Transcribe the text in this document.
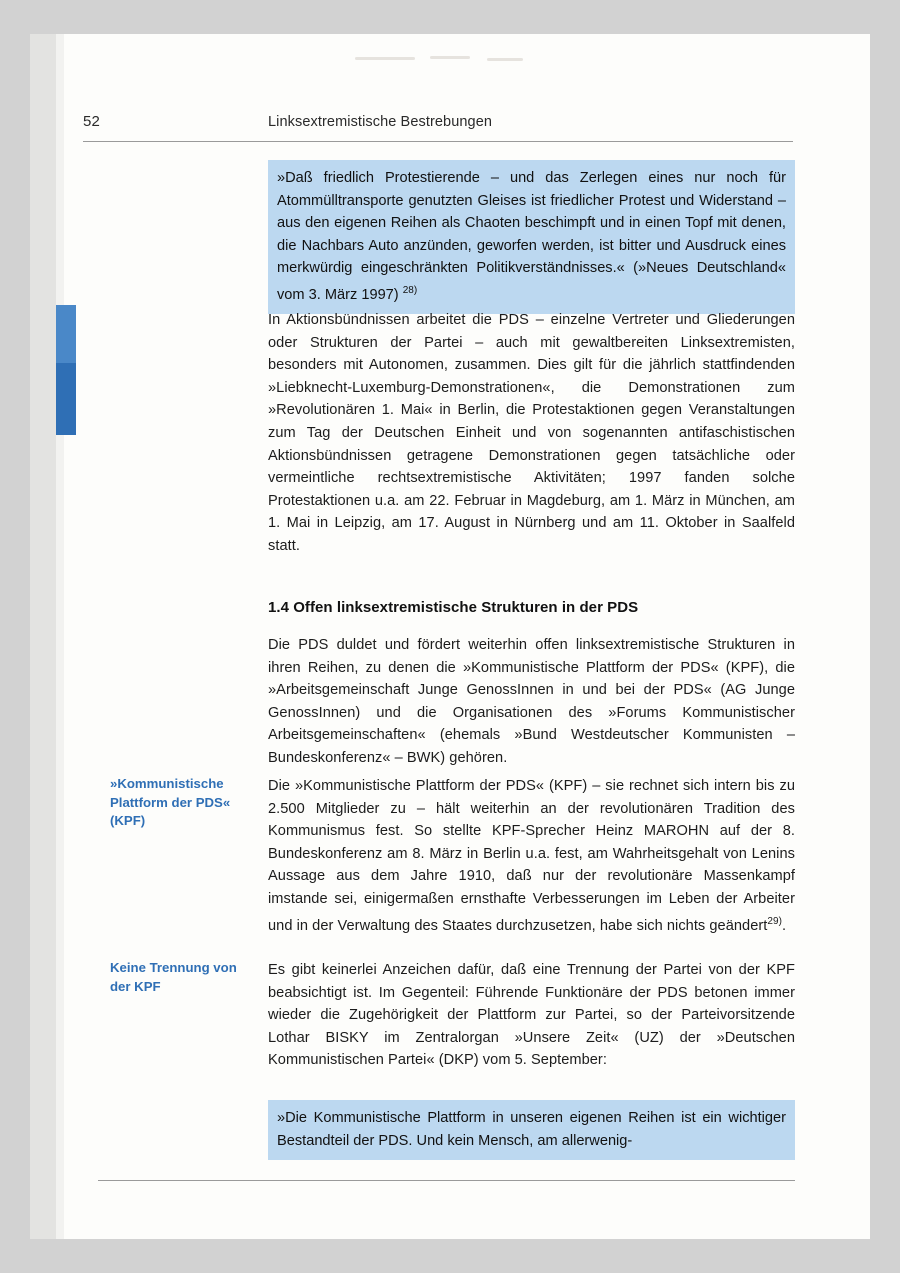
52	Linksextremistische Bestrebungen
»Daß friedlich Protestierende – und das Zerlegen eines nur noch für Atommülltransporte genutzten Gleises ist friedlicher Protest und Widerstand – aus den eigenen Reihen als Chaoten beschimpft und in einen Topf mit denen, die Nachbars Auto anzünden, geworfen werden, ist bitter und Ausdruck eines merkwürdig eingeschränkten Politikverständnisses.« (»Neues Deutschland« vom 3. März 1997) $^{28)}$
In Aktionsbündnissen arbeitet die PDS – einzelne Vertreter und Gliederungen oder Strukturen der Partei – auch mit gewaltbereiten Linksextremisten, besonders mit Autonomen, zusammen. Dies gilt für die jährlich stattfindenden »Liebknecht-Luxemburg-Demonstrationen«, die Demonstrationen zum »Revolutionären 1. Mai« in Berlin, die Protestaktionen gegen Veranstaltungen zum Tag der Deutschen Einheit und von sogenannten antifaschistischen Aktionsbündnissen getragene Demonstrationen gegen tatsächliche oder vermeintliche rechtsextremistische Aktivitäten; 1997 fanden solche Protestaktionen u.a. am 22. Februar in Magdeburg, am 1. März in München, am 1. Mai in Leipzig, am 17. August in Nürnberg und am 11. Oktober in Saalfeld statt.
1.4 Offen linksextremistische Strukturen in der PDS
Die PDS duldet und fördert weiterhin offen linksextremistische Strukturen in ihren Reihen, zu denen die »Kommunistische Plattform der PDS« (KPF), die »Arbeitsgemeinschaft Junge GenossInnen in und bei der PDS« (AG Junge GenossInnen) und die Organisationen des »Forums Kommunistischer Arbeitsgemeinschaften« (ehemals »Bund Westdeutscher Kommunisten – Bundeskonferenz« – BWK) gehören.
»Kommunistische Plattform der PDS« (KPF)
Die »Kommunistische Plattform der PDS« (KPF) – sie rechnet sich intern bis zu 2.500 Mitglieder zu – hält weiterhin an der revolutionären Tradition des Kommunismus fest. So stellte KPF-Sprecher Heinz MAROHN auf der 8. Bundeskonferenz am 8. März in Berlin u.a. fest, am Wahrheitsgehalt von Lenins Aussage aus dem Jahre 1910, daß nur der revolutionäre Massenkampf imstande sei, einigermaßen ernsthafte Verbesserungen im Leben der Arbeiter und in der Verwaltung des Staates durchzusetzen, habe sich nichts geändert$^{29)}$.
Keine Trennung von der KPF
Es gibt keinerlei Anzeichen dafür, daß eine Trennung der Partei von der KPF beabsichtigt ist. Im Gegenteil: Führende Funktionäre der PDS betonen immer wieder die Zugehörigkeit der Plattform zur Partei, so der Parteivorsitzende Lothar BISKY im Zentralorgan »Unsere Zeit« (UZ) der »Deutschen Kommunistischen Partei« (DKP) vom 5. September:
»Die Kommunistische Plattform in unseren eigenen Reihen ist ein wichtiger Bestandteil der PDS. Und kein Mensch, am allerwenig-
